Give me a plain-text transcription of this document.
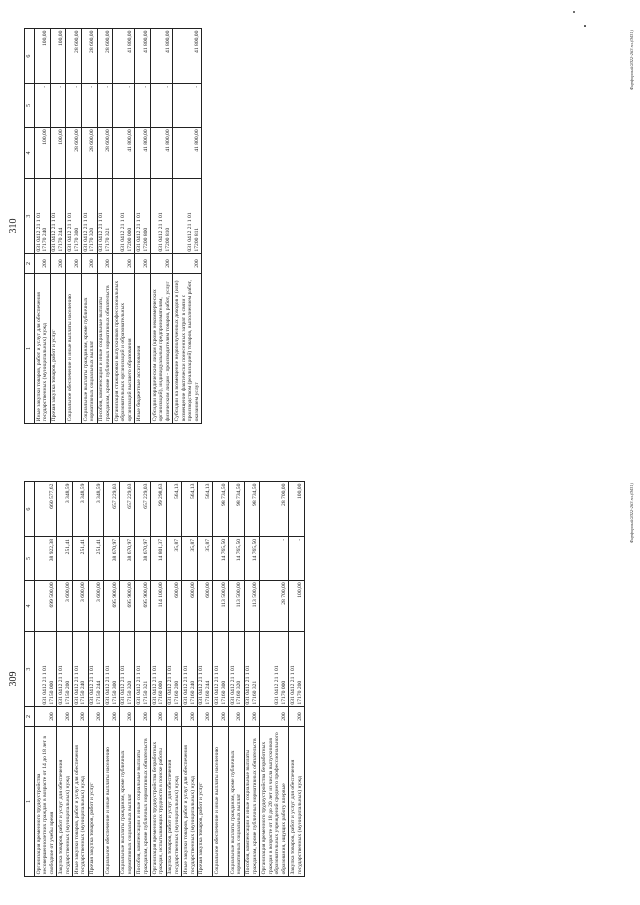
310
1	2	3	4	5	6
Иные закупки товаров, работ и услуг для обеспечения государственных (муниципальных) нужд	200	031 0412 21 1 01
17170 240	100,00	-	100,00
Прочая закупка товаров, работ и услуг	200	031 0412 21 1 01
17170 244	100,00	-	100,00
Социальное обеспечение и иные выплаты населению	200	031 0412 21 1 01
17170 300	28 600,00	-	28 600,00
Социальные выплаты гражданам, кроме публичных нормативных социальных выплат	200	031 0412 21 1 01
17170 320	28 600,00	-	28 600,00
Пособия, компенсации и иные социальные выплаты гражданам, кроме публичных нормативных обязательств	200	031 0412 21 1 01
17170 321	28 600,00	-	28 600,00
Организация стажировки выпускников профессиональных образовательных организаций и образовательных организаций высшего образования	200	031 0412 21 1 01
17200 000	41 800,00	-	41 800,00
Иные бюджетные ассигнования	200	031 0412 21 1 01
17200 800	41 800,00	-	41 800,00
Субсидии юридическим лицам (кроме некоммерческих организаций), индивидуальным предпринимателям, физическим лицам - производителям товаров, работ, услуг	200	031 0412 21 1 01
17200 810	41 800,00	-	41 800,00
Субсидии на возмещение недополученных доходов и (или) возмещение фактически понесенных затрат в связи с производством (реализацией) товаров, выполнением работ, оказанием услуг	200	031 0412 21 1 01
17200 811	41 800,00	-	41 800,00	Фарфорный/2022-263 пл.(0431)
309
1	2	3	4	5	6
Организация временного трудоустройства несовершеннолетних граждан в возрасте от 14 до 18 лет в свободное от учебы время	200	031 0412 21 1 01
17150 000	699 500,00	38 922,38	660 577,62
Закупка товаров, работ и услуг для обеспечения государственных (муниципальных) нужд	200	031 0412 21 1 01
17150 200	3 600,00	251,41	3 348,59
Иные закупки товаров, работ и услуг для обеспечения государственных (муниципальных) нужд	200	031 0412 21 1 01
17150 240	3 600,00	251,41	3 348,59
Прочая закупка товаров, работ и услуг	200	031 0412 21 1 01
17150 244	3 600,00	251,41	3 348,59
Социальное обеспечение и иные выплаты населению	200	031 0412 21 1 01
17150 300	695 900,00	38 670,97	657 229,03
Социальные выплаты гражданам, кроме публичных нормативных социальных выплат	200	031 0412 21 1 01
17150 320	695 900,00	38 670,97	657 229,03
Пособия, компенсации и иные социальные выплаты гражданам, кроме публичных нормативных обязательств	200	031 0412 21 1 01
17150 321	695 900,00	38 670,97	657 229,03
Организация временного трудоустройства безработных граждан, испытывающих трудности в поиске работы	200	031 0412 21 1 01
17160 000	114 100,00	14 801,37	99 298,63
Закупка товаров, работ и услуг для обеспечения государственных (муниципальных) нужд	200	031 0412 21 1 01
17160 200	600,00	35,87	564,13
Иные закупки товаров, работ и услуг для обеспечения государственных (муниципальных) нужд	200	031 0412 21 1 01
17160 240	600,00	35,87	564,13
Прочая закупка товаров, работ и услуг	200	031 0412 21 1 01
17160 244	600,00	35,87	564,13
Социальное обеспечение и иные выплаты населению	200	031 0412 21 1 01
17160 300	113 500,00	14 765,50	98 734,50
Социальные выплаты гражданам, кроме публичных нормативных социальных выплат	200	031 0412 21 1 01
17160 320	113 500,00	14 765,50	98 734,50
Пособия, компенсации и иные социальные выплаты гражданам, кроме публичных нормативных обязательств	200	031 0412 21 1 01
17160 321	113 500,00	14 765,50	98 734,50
Организация временного трудоустройства безработных граждан в возрасте от 18 до 20 лет из числа выпускников образовательных учреждений среднего профессионального образования, ищущих работу впервые	200	031 0412 21 1 01
17170 000	28 700,00	-	28 700,00
Закупка товаров, работ и услуг для обеспечения государственных (муниципальных) нужд	200	031 0412 21 1 01
17170 200	100,00	-	100,00	Фарфорный/2022-263 пл.(0431)
